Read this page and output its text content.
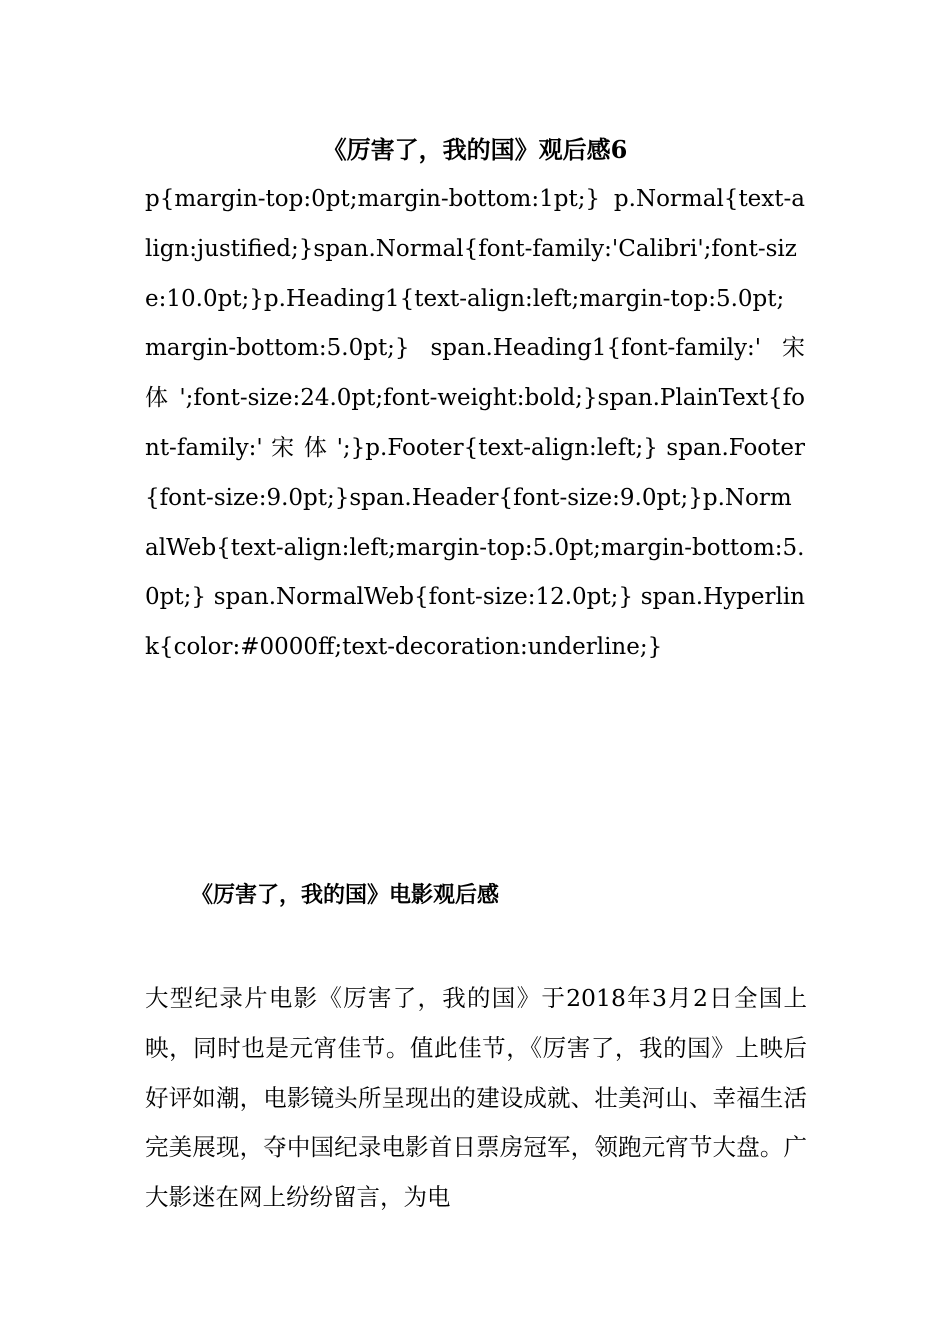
《厉害了，我的国》观后感6

p{margin-top:0pt;margin-bottom:1pt;} p.Normal{text-align:justified;}span.Normal{font-family:'Calibri';font-size:10.0pt;}p.Heading1{text-align:left;margin-top:5.0pt;margin-bottom:5.0pt;} span.Heading1{font-family:' 宋 体 ';font-size:24.0pt;font-weight:bold;}span.PlainText{font-family:' 宋 体 ';}p.Footer{text-align:left;} span.Footer{font-size:9.0pt;}span.Header{font-size:9.0pt;}p.NormalWeb{text-align:left;margin-top:5.0pt;margin-bottom:5.0pt;} span.NormalWeb{font-size:12.0pt;} span.Hyperlink{color:#0000ff;text-decoration:underline;}

《厉害了，我的国》电影观后感

大型纪录片电影《厉害了，我的国》于2018年3月2日全国上映，同时也是元宵佳节。值此佳节，《厉害了，我的国》上映后好评如潮，电影镜头所呈现出的建设成就、壮美河山、幸福生活完美展现，夺中国纪录电影首日票房冠军，领跑元宵节大盘。广大影迷在网上纷纷留言，为电
